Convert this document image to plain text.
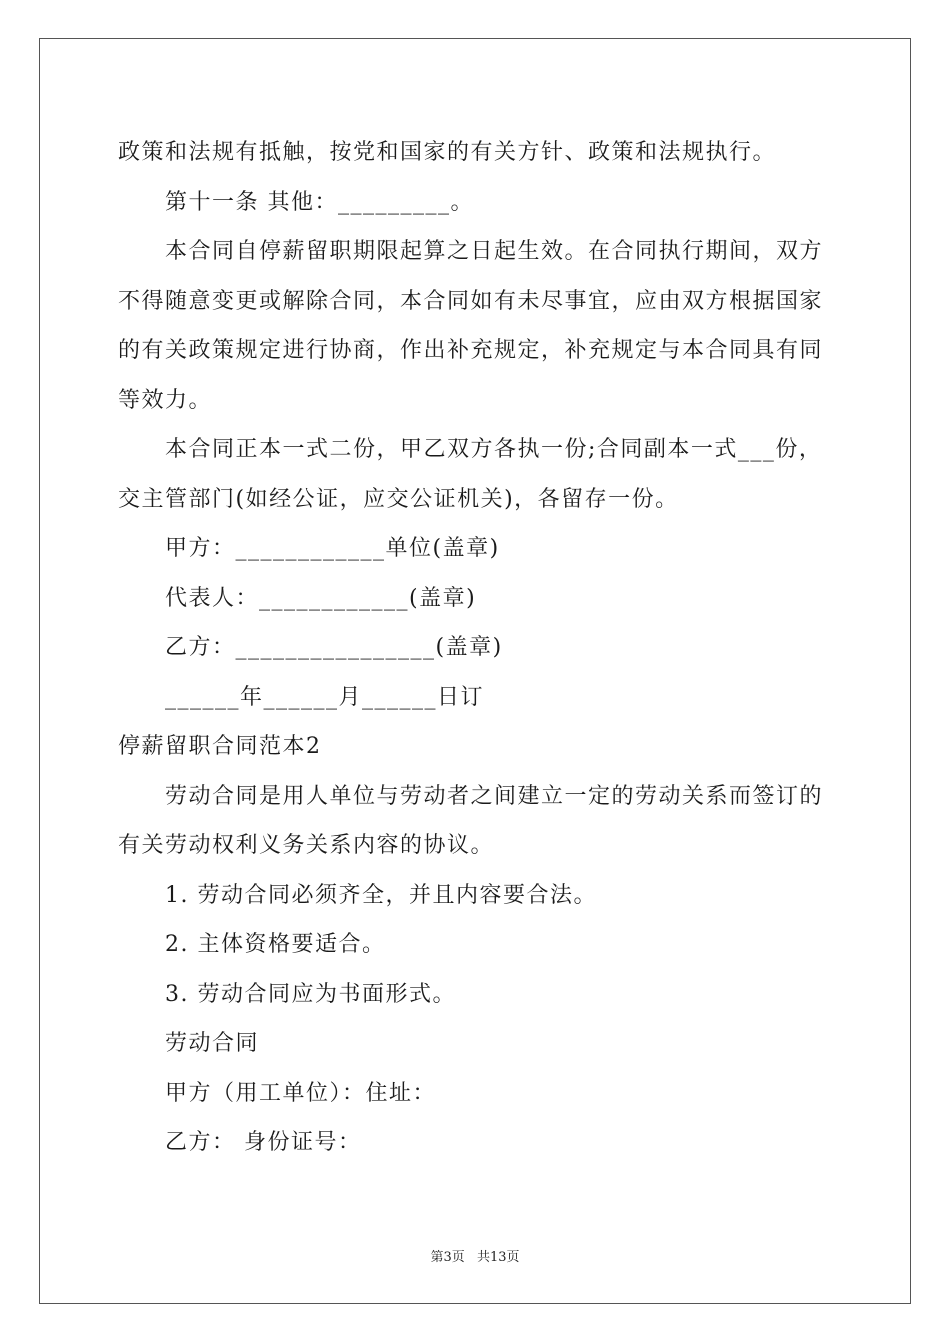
政策和法规有抵触，按党和国家的有关方针、政策和法规执行。
第十一条 其他：_________。
本合同自停薪留职期限起算之日起生效。在合同执行期间，双方
不得随意变更或解除合同，本合同如有未尽事宜，应由双方根据国家
的有关政策规定进行协商，作出补充规定，补充规定与本合同具有同
等效力。
本合同正本一式二份，甲乙双方各执一份;合同副本一式___份，
交主管部门(如经公证，应交公证机关)，各留存一份。
甲方：____________单位(盖章)
代表人：____________(盖章)
乙方：________________(盖章)
______年______月______日订
停薪留职合同范本2
劳动合同是用人单位与劳动者之间建立一定的劳动关系而签订的
有关劳动权利义务关系内容的协议。
1. 劳动合同必须齐全，并且内容要合法。
2. 主体资格要适合。
3. 劳动合同应为书面形式。
劳动合同
甲方（用工单位）：住址：
乙方： 身份证号：
第3页 共13页
